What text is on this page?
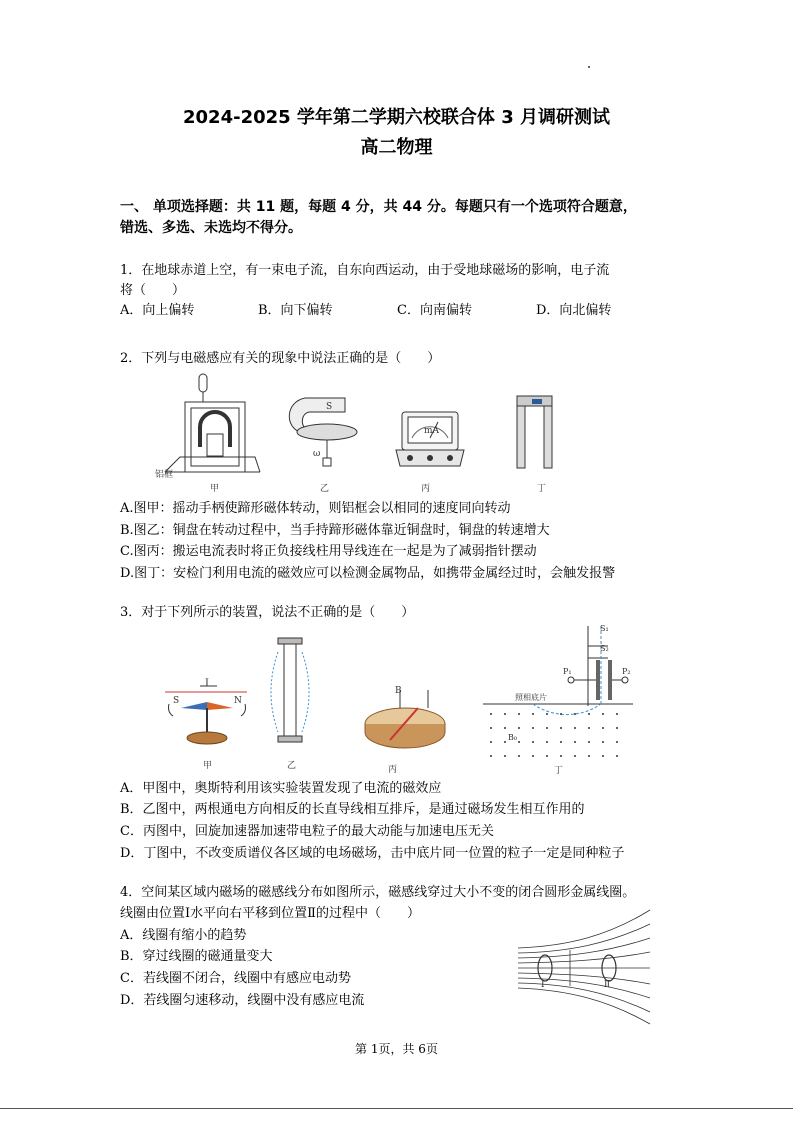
2024-2025 学年第二学期六校联合体 3 月调研测试
高二物理
一、 单项选择题：共 11 题，每题 4 分，共 44 分。每题只有一个选项符合题意，
错选、多选、未选均不得分。
1．在地球赤道上空，有一束电子流，自东向西运动，由于受地球磁场的影响，电子流
将（　　）
A．向上偏转	B．向下偏转	C．向南偏转	D．向北偏转
2．下列与电磁感应有关的现象中说法正确的是（　　）
铝框
甲
S
ω
乙
mA
丙	丁
A.图甲：摇动手柄使蹄形磁体转动，则铝框会以相同的速度同向转动
B.图乙：铜盘在转动过程中，当手持蹄形磁体靠近铜盘时，铜盘的转速增大
C.图丙：搬运电流表时将正负接线柱用导线连在一起是为了减弱指针摆动
D.图丁：安检门利用电流的磁效应可以检测金属物品，如携带金属经过时，会触发报警
3．对于下列所示的装置，说法不正确的是（　　）
I
S	N
甲	乙
B
丙
S₁
S₂
P₁	P₂
照相底片
B₀
丁
A．甲图中，奥斯特利用该实验装置发现了电流的磁效应
B．乙图中，两根通电方向相反的长直导线相互排斥，是通过磁场发生相互作用的
C．丙图中，回旋加速器加速带电粒子的最大动能与加速电压无关
D．丁图中，不改变质谱仪各区域的电场磁场，击中底片同一位置的粒子一定是同种粒子
4．空间某区域内磁场的磁感线分布如图所示，磁感线穿过大小不变的闭合圆形金属线圈。
线圈由位置Ⅰ水平向右平移到位置Ⅱ的过程中（　　）
A．线圈有缩小的趋势
B．穿过线圈的磁通量变大
C．若线圈不闭合，线圈中有感应电动势
D．若线圈匀速移动，线圈中没有感应电流
Ⅰ	Ⅱ
第 1页，共 6页
